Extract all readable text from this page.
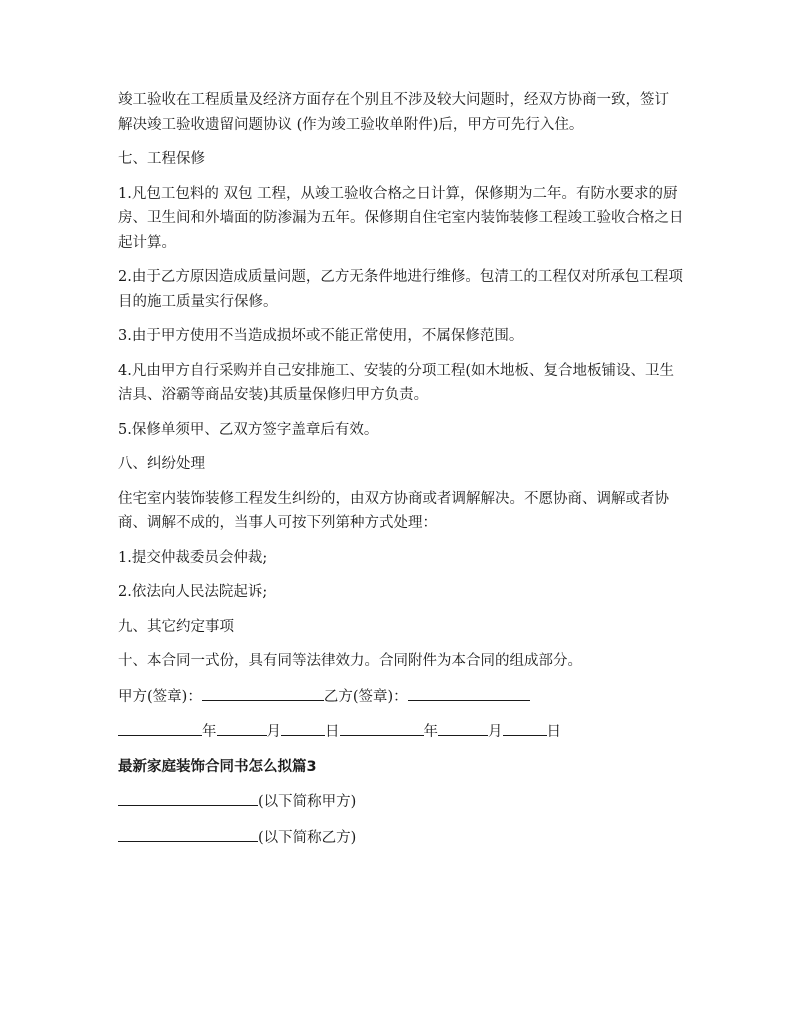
竣工验收在工程质量及经济方面存在个别且不涉及较大问题时，经双方协商一致，签订 解决竣工验收遗留问题协议 (作为竣工验收单附件)后，甲方可先行入住。

七、工程保修

1.凡包工包料的 双包 工程，从竣工验收合格之日计算，保修期为二年。有防水要求的厨房、卫生间和外墙面的防渗漏为五年。保修期自住宅室内装饰装修工程竣工验收合格之日起计算。

2.由于乙方原因造成质量问题，乙方无条件地进行维修。包清工的工程仅对所承包工程项目的施工质量实行保修。

3.由于甲方使用不当造成损坏或不能正常使用，不属保修范围。

4.凡由甲方自行采购并自己安排施工、安装的分项工程(如木地板、复合地板铺设、卫生洁具、浴霸等商品安装)其质量保修归甲方负责。

5.保修单须甲、乙双方签字盖章后有效。

八、纠纷处理

住宅室内装饰装修工程发生纠纷的，由双方协商或者调解解决。不愿协商、调解或者协商、调解不成的，当事人可按下列第种方式处理：

1.提交仲裁委员会仲裁;

2.依法向人民法院起诉;

九、其它约定事项

十、本合同一式份，具有同等法律效力。合同附件为本合同的组成部分。

甲方(签章)：	乙方(签章)：
年	月	日	年	月	日

最新家庭装饰合同书怎么拟篇3

(以下简称甲方)
(以下简称乙方)
